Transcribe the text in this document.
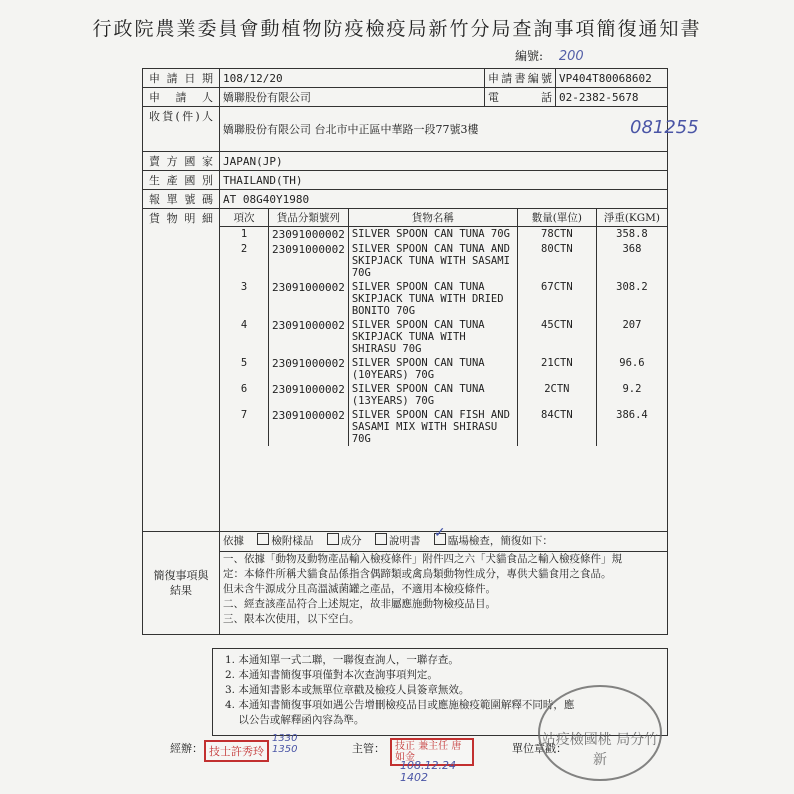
行政院農業委員會動植物防疫檢疫局新竹分局查詢事項簡復通知書
編號: 200
申請日期	108/12/20	申請書編號	VP404T80068602
申 請 人	嬌聯股份有限公司	電　　話	02-2382-5678
收貨(件)人	嬌聯股份有限公司 台北市中正區中華路一段77號3樓	081255

賣方國家	JAPAN(JP)
生產國別	THAILAND(TH)
報單號碼	AT 08G40Y1980
貨物明細	項次	貨品分類號列	貨物名稱	數量(單位)	淨重(KGM)
1	23091000002	SILVER SPOON CAN TUNA 70G	78CTN	358.8
2	23091000002	SILVER SPOON CAN TUNA AND SKIPJACK TUNA WITH SASAMI 70G	80CTN	368
3	23091000002	SILVER SPOON CAN TUNA SKIPJACK TUNA WITH DRIED BONITO 70G	67CTN	308.2
4	23091000002	SILVER SPOON CAN TUNA SKIPJACK TUNA WITH SHIRASU 70G	45CTN	207
5	23091000002	SILVER SPOON CAN TUNA (10YEARS) 70G	21CTN	96.6
6	23091000002	SILVER SPOON CAN TUNA (13YEARS) 70G	2CTN	9.2
7	23091000002	SILVER SPOON CAN FISH AND SASAMI MIX WITH SHIRASU 70G	84CTN	386.4

簡復事項與結果	
依據	檢附樣品	成分	說明書 ✓	臨場檢查，簡復如下：
一、依據「動物及動物產品輸入檢疫條件」附件四之六「犬貓食品之輸入檢疫條件」規
定：本條件所稱犬貓食品係指含偶蹄類或禽鳥類動物性成分，專供犬貓食用之食品。
但未含牛源成分且高溫滅菌罐之產品，不適用本檢疫條件。
二、經查該產品符合上述規定，故非屬應施動物檢疫品目。
三、限本次使用，以下空白。
1. 本通知單一式二聯，一聯復查詢人，一聯存查。
2. 本通知書簡復事項僅對本次查詢事項判定。
3. 本通知書影本或無單位章戳及檢疫人員簽章無效。
4. 本通知書簡復事項如遇公告增刪檢疫品目或應施檢疫範圍解釋不同時，應
以公告或解釋函內容為準。
經辦： 技士許秀玲
1330 1350	主管：	技正 兼主任 唐如金
108.12.24 1402
單位章戳：
站疫檢國桃 局分竹新
